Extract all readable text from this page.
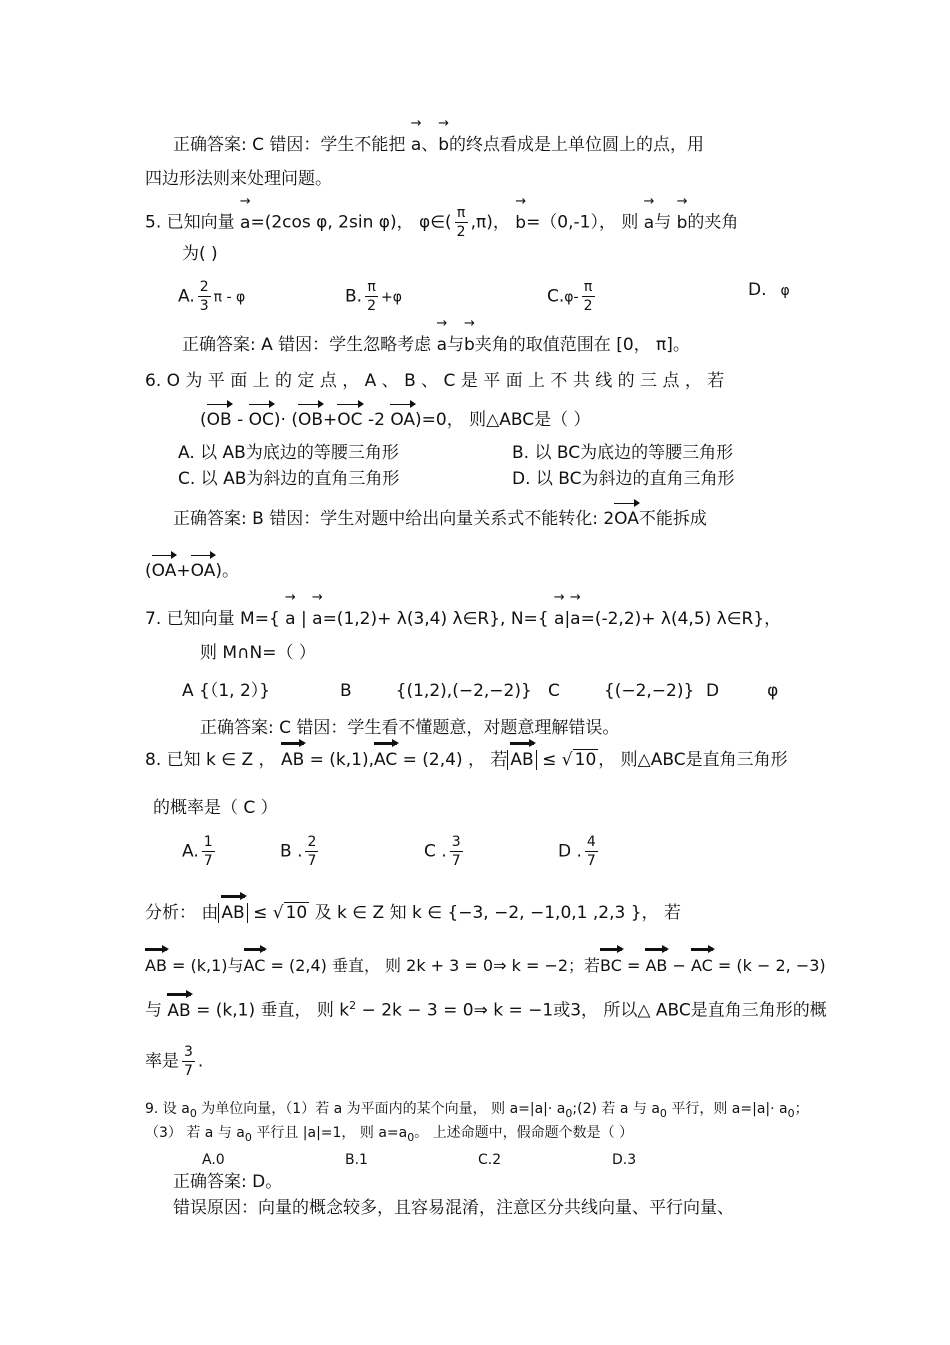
正确答案: C 错因：学生不能把 → a、→ b的终点看成是上单位圆上的点，用
四边形法则来处理问题。
5. 已知向量 → a=(2cos φ, 2sin φ)， φ∈( $\frac{\pi}{2} ,\pi$)， → b=（0,-1）， 则 → a与 → b的夹角
为( )
A. $\frac{2}{3}$ π - φ	B. $\frac{\pi}{2} +\varphi$	$C.\varphi- \frac{\pi}{2}$	D. φ
正确答案: A 错因：学生忽略考虑 → a与→ b夹角的取值范围在 [0， π]。
6. O 为 平 面 上 的 定 点 ， A 、 B 、 C 是 平 面 上 不 共 线 的 三 点 ， 若
(OB - OC)· (OB+OC -2 OA)=0， 则△ABC是（ ）
A. 以 AB为底边的等腰三角形	B. 以 BC为底边的等腰三角形
C. 以 AB为斜边的直角三角形	D. 以 BC为斜边的直角三角形
正确答案: B 错因：学生对题中给出向量关系式不能转化: 2OA不能拆成
(OA+OA)。
7. 已知向量 M={ → a | → a=(1,2)+ λ(3,4) λ∈R}, N={ → a|→ a=(-2,2)+ λ(4,5) λ∈R}，
则 M∩N=（ ）
A {（1, 2）}	B	{(1,2),(−2,−2)} C	{(−2,−2)} D	φ
正确答案: C 错因：学生看不懂题意，对题意理解错误。
8. 已知 k ∈ Z ， AB = (k,1),AC = (2,4) ， 若 AB ≤ √ 10 ， 则△ABC是直角三角形
的概率是（ C ）
A. $\frac{1}{7}$	B . $\frac{2}{7}$	C . $\frac{3}{7}$	D . $\frac{4}{7}$
分析： 由 AB ≤ √ 10 及 k ∈ Z 知 k ∈ {−3, −2, −1,0,1 ,2,3 }， 若
AB = (k,1)与AC = (2,4) 垂直， 则 2k + 3 = 0⇒ k = −2；若BC = AB − AC = (k − 2, −3)
与 AB = (k,1) 垂直， 则 $k^2 - 2k - 3$ = 0⇒ k = −1或3， 所以△ ABC是直角三角形的概
率是 $\frac{3}{7}$ .
9. 设 $a_0$ 为单位向量，（1）若 a 为平面内的某个向量， 则 $a=|a|\cdot a_0;(2)$ 若 a 与 $a_0$ 平行，则 $a=|a|\cdot a_0$；
（3） 若 a 与 $a_0$ 平行且 |a|=1， 则 $a=a_0$。 上述命题中，假命题个数是（ ）
A.0	B.1	C.2	D.3
正确答案: D。
错误原因：向量的概念较多，且容易混淆，注意区分共线向量、平行向量、
